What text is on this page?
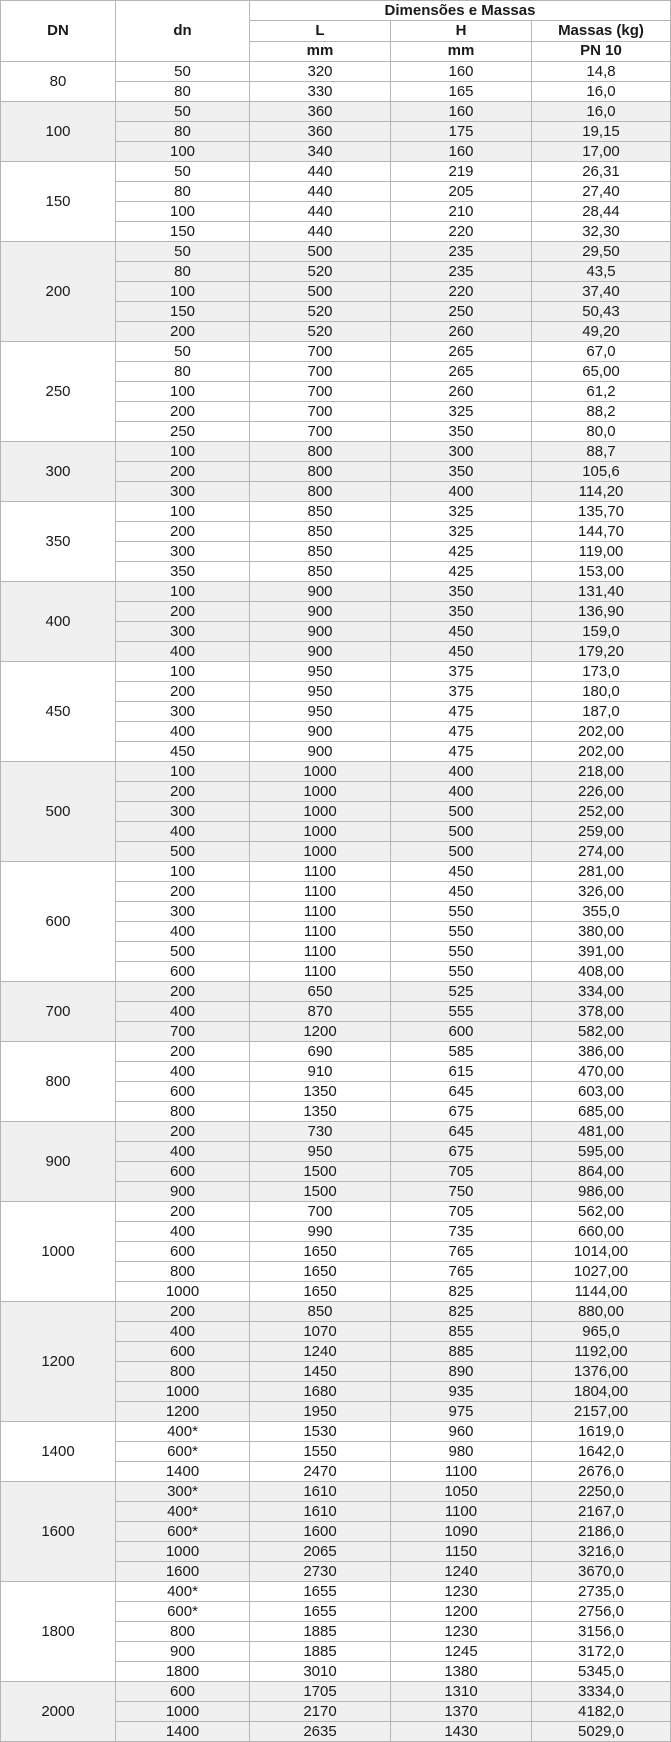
DN	dn	Dimensões e Massas		
		L	H	Massas (kg)
		mm	mm	PN 10
80	50	320	160	14,8
	80	330	165	16,0
100	50	360	160	16,0
	80	360	175	19,15
	100	340	160	17,00
150	50	440	219	26,31
	80	440	205	27,40
	100	440	210	28,44
	150	440	220	32,30
200	50	500	235	29,50
	80	520	235	43,5
	100	500	220	37,40
	150	520	250	50,43
	200	520	260	49,20
250	50	700	265	67,0
	80	700	265	65,00
	100	700	260	61,2
	200	700	325	88,2
	250	700	350	80,0
300	100	800	300	88,7
	200	800	350	105,6
	300	800	400	114,20
350	100	850	325	135,70
	200	850	325	144,70
	300	850	425	119,00
	350	850	425	153,00
400	100	900	350	131,40
	200	900	350	136,90
	300	900	450	159,0
	400	900	450	179,20
450	100	950	375	173,0
	200	950	375	180,0
	300	950	475	187,0
	400	900	475	202,00
	450	900	475	202,00
500	100	1000	400	218,00
	200	1000	400	226,00
	300	1000	500	252,00
	400	1000	500	259,00
	500	1000	500	274,00
600	100	1100	450	281,00
	200	1100	450	326,00
	300	1100	550	355,0
	400	1100	550	380,00
	500	1100	550	391,00
	600	1100	550	408,00
700	200	650	525	334,00
	400	870	555	378,00
	700	1200	600	582,00
800	200	690	585	386,00
	400	910	615	470,00
	600	1350	645	603,00
	800	1350	675	685,00
900	200	730	645	481,00
	400	950	675	595,00
	600	1500	705	864,00
	900	1500	750	986,00
1000	200	700	705	562,00
	400	990	735	660,00
	600	1650	765	1014,00
	800	1650	765	1027,00
	1000	1650	825	1144,00
1200	200	850	825	880,00
	400	1070	855	965,0
	600	1240	885	1192,00
	800	1450	890	1376,00
	1000	1680	935	1804,00
	1200	1950	975	2157,00
1400	400*	1530	960	1619,0
	600*	1550	980	1642,0
	1400	2470	1100	2676,0
1600	300*	1610	1050	2250,0
	400*	1610	1100	2167,0
	600*	1600	1090	2186,0
	1000	2065	1150	3216,0
	1600	2730	1240	3670,0
1800	400*	1655	1230	2735,0
	600*	1655	1200	2756,0
	800	1885	1230	3156,0
	900	1885	1245	3172,0
	1800	3010	1380	5345,0
2000	600	1705	1310	3334,0
	1000	2170	1370	4182,0
	1400	2635	1430	5029,0
